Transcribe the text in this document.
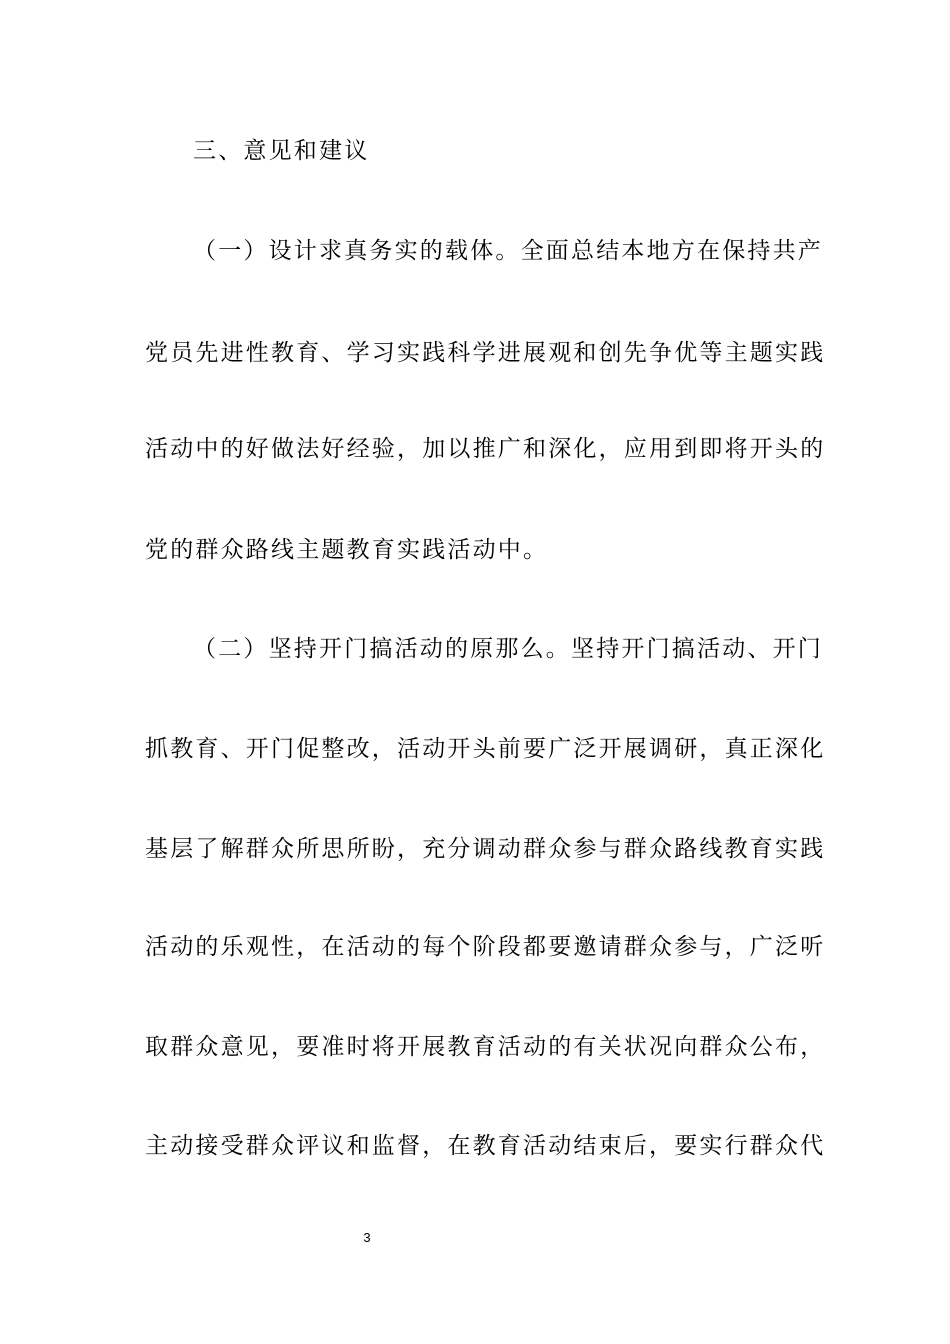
三、意见和建议
（一）设计求真务实的载体。全面总结本地方在保持共产
党员先进性教育、学习实践科学进展观和创先争优等主题实践
活动中的好做法好经验，加以推广和深化，应用到即将开头的
党的群众路线主题教育实践活动中。
（二）坚持开门搞活动的原那么。坚持开门搞活动、开门
抓教育、开门促整改，活动开头前要广泛开展调研，真正深化
基层了解群众所思所盼，充分调动群众参与群众路线教育实践
活动的乐观性，在活动的每个阶段都要邀请群众参与，广泛听
取群众意见，要准时将开展教育活动的有关状况向群众公布，
主动接受群众评议和监督，在教育活动结束后，要实行群众代
3
